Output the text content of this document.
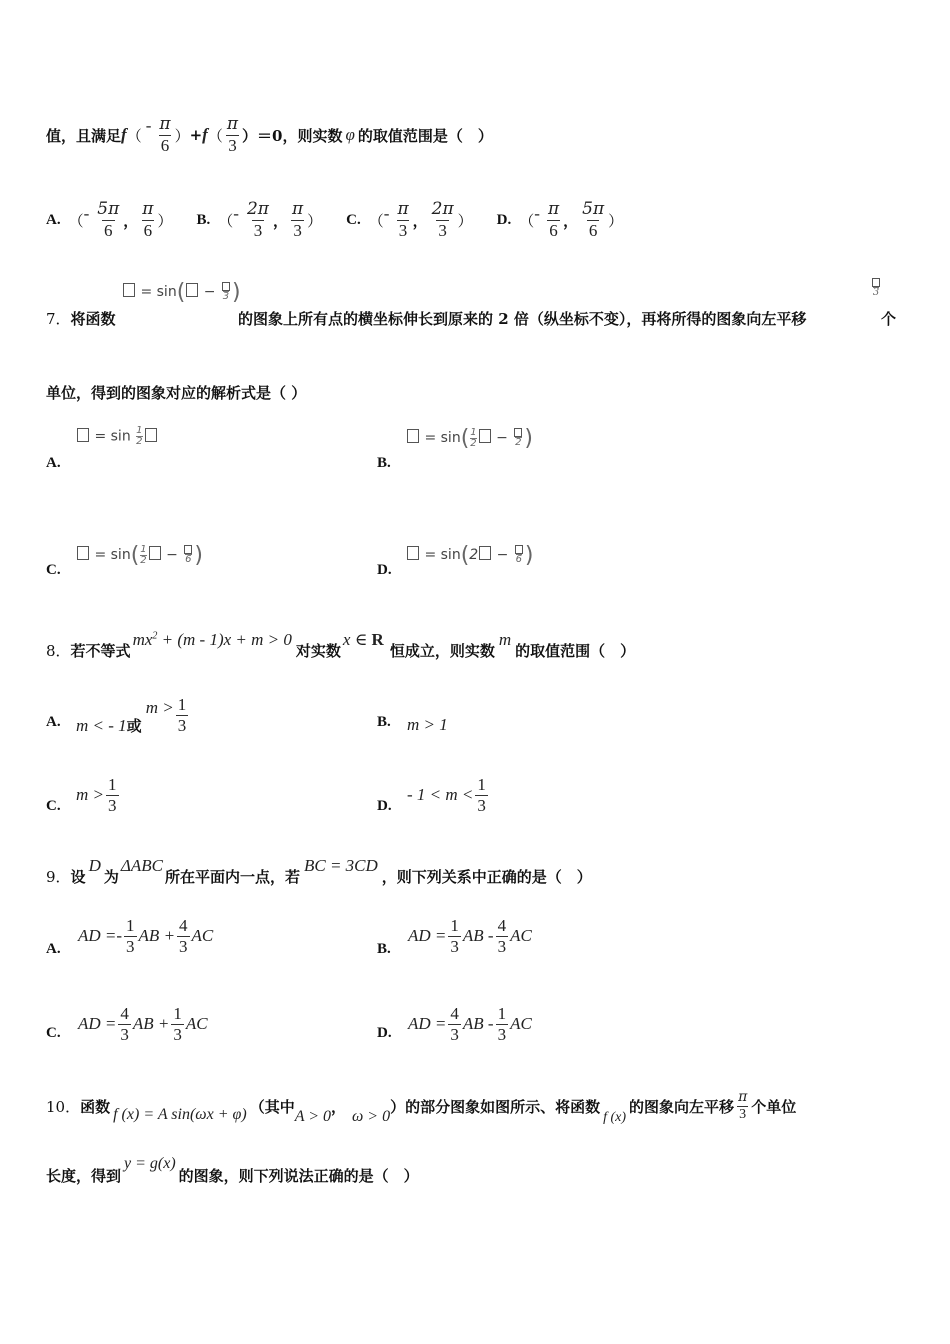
值，且满足 f （
- $\frac{\pi}{6}$ ） + f （ $\frac{\pi}{3} )=0$，则实数 φ 的取值范围是（　）
A. （ - $\frac{5\pi}{6}$ ， $\frac{\pi}{6}$ ） B. （ - $\frac{2\pi}{3}$ ， $\frac{\pi}{3}$ ） C. （ - $\frac{\pi}{3}$ ， $\frac{2\pi}{3}$ ） D. （ - $\frac{\pi}{6}$ ， $\frac{5\pi}{6}$ ）
7．将函数
= sin( − 3 )
的图象上所有点的横坐标伸长到原来的 2 倍（纵坐标不变），再将所得的图象向左平移
3
个
单位，得到的图象对应的解析式是（ ）
A.
= $\sin \frac{1}{2}$
B.
= $\sin( \frac{1}{2} - 2$ )
C.
= $\sin( \frac{1}{2} - 6$ )
D.
= sin(2 − 6 )
8． 若不等式
$mx^2 + (m - 1)x + m > 0$
对实数
x ∈ R
恒成立，则实数
m
的取值范围（　）
A. m < - 1 或
$m > \frac{1}{3}$	B. m > 1
C.
$m > \frac{1}{3}$	D.
- $1 < m < \frac{1}{3}$
9． 设
D
为
ΔABC
所在平面内一点，若
BC = 3CD
，则下列关系中正确的是（　）
A.
AD =- $\frac{1}{3}$ AB + $\frac{4}{3}$ AC
B.
AD = $\frac{1}{3}$ AB - $\frac{4}{3}$ AC
C. AD = $\frac{4}{3}$ AB + $\frac{1}{3}$ AC	D. AD = $\frac{4}{3}$ AB - $\frac{1}{3}$ AC
10． 函数 f (x) = A sin(ωx + φ) （其中
A > 0
，
ω > 0
）的部分图象如图所示、将函数
f (x)
的图象向左平移 $\frac{\pi}{3}$ 个单位
长度，得到
y = g(x)
的图象，则下列说法正确的是（　）
